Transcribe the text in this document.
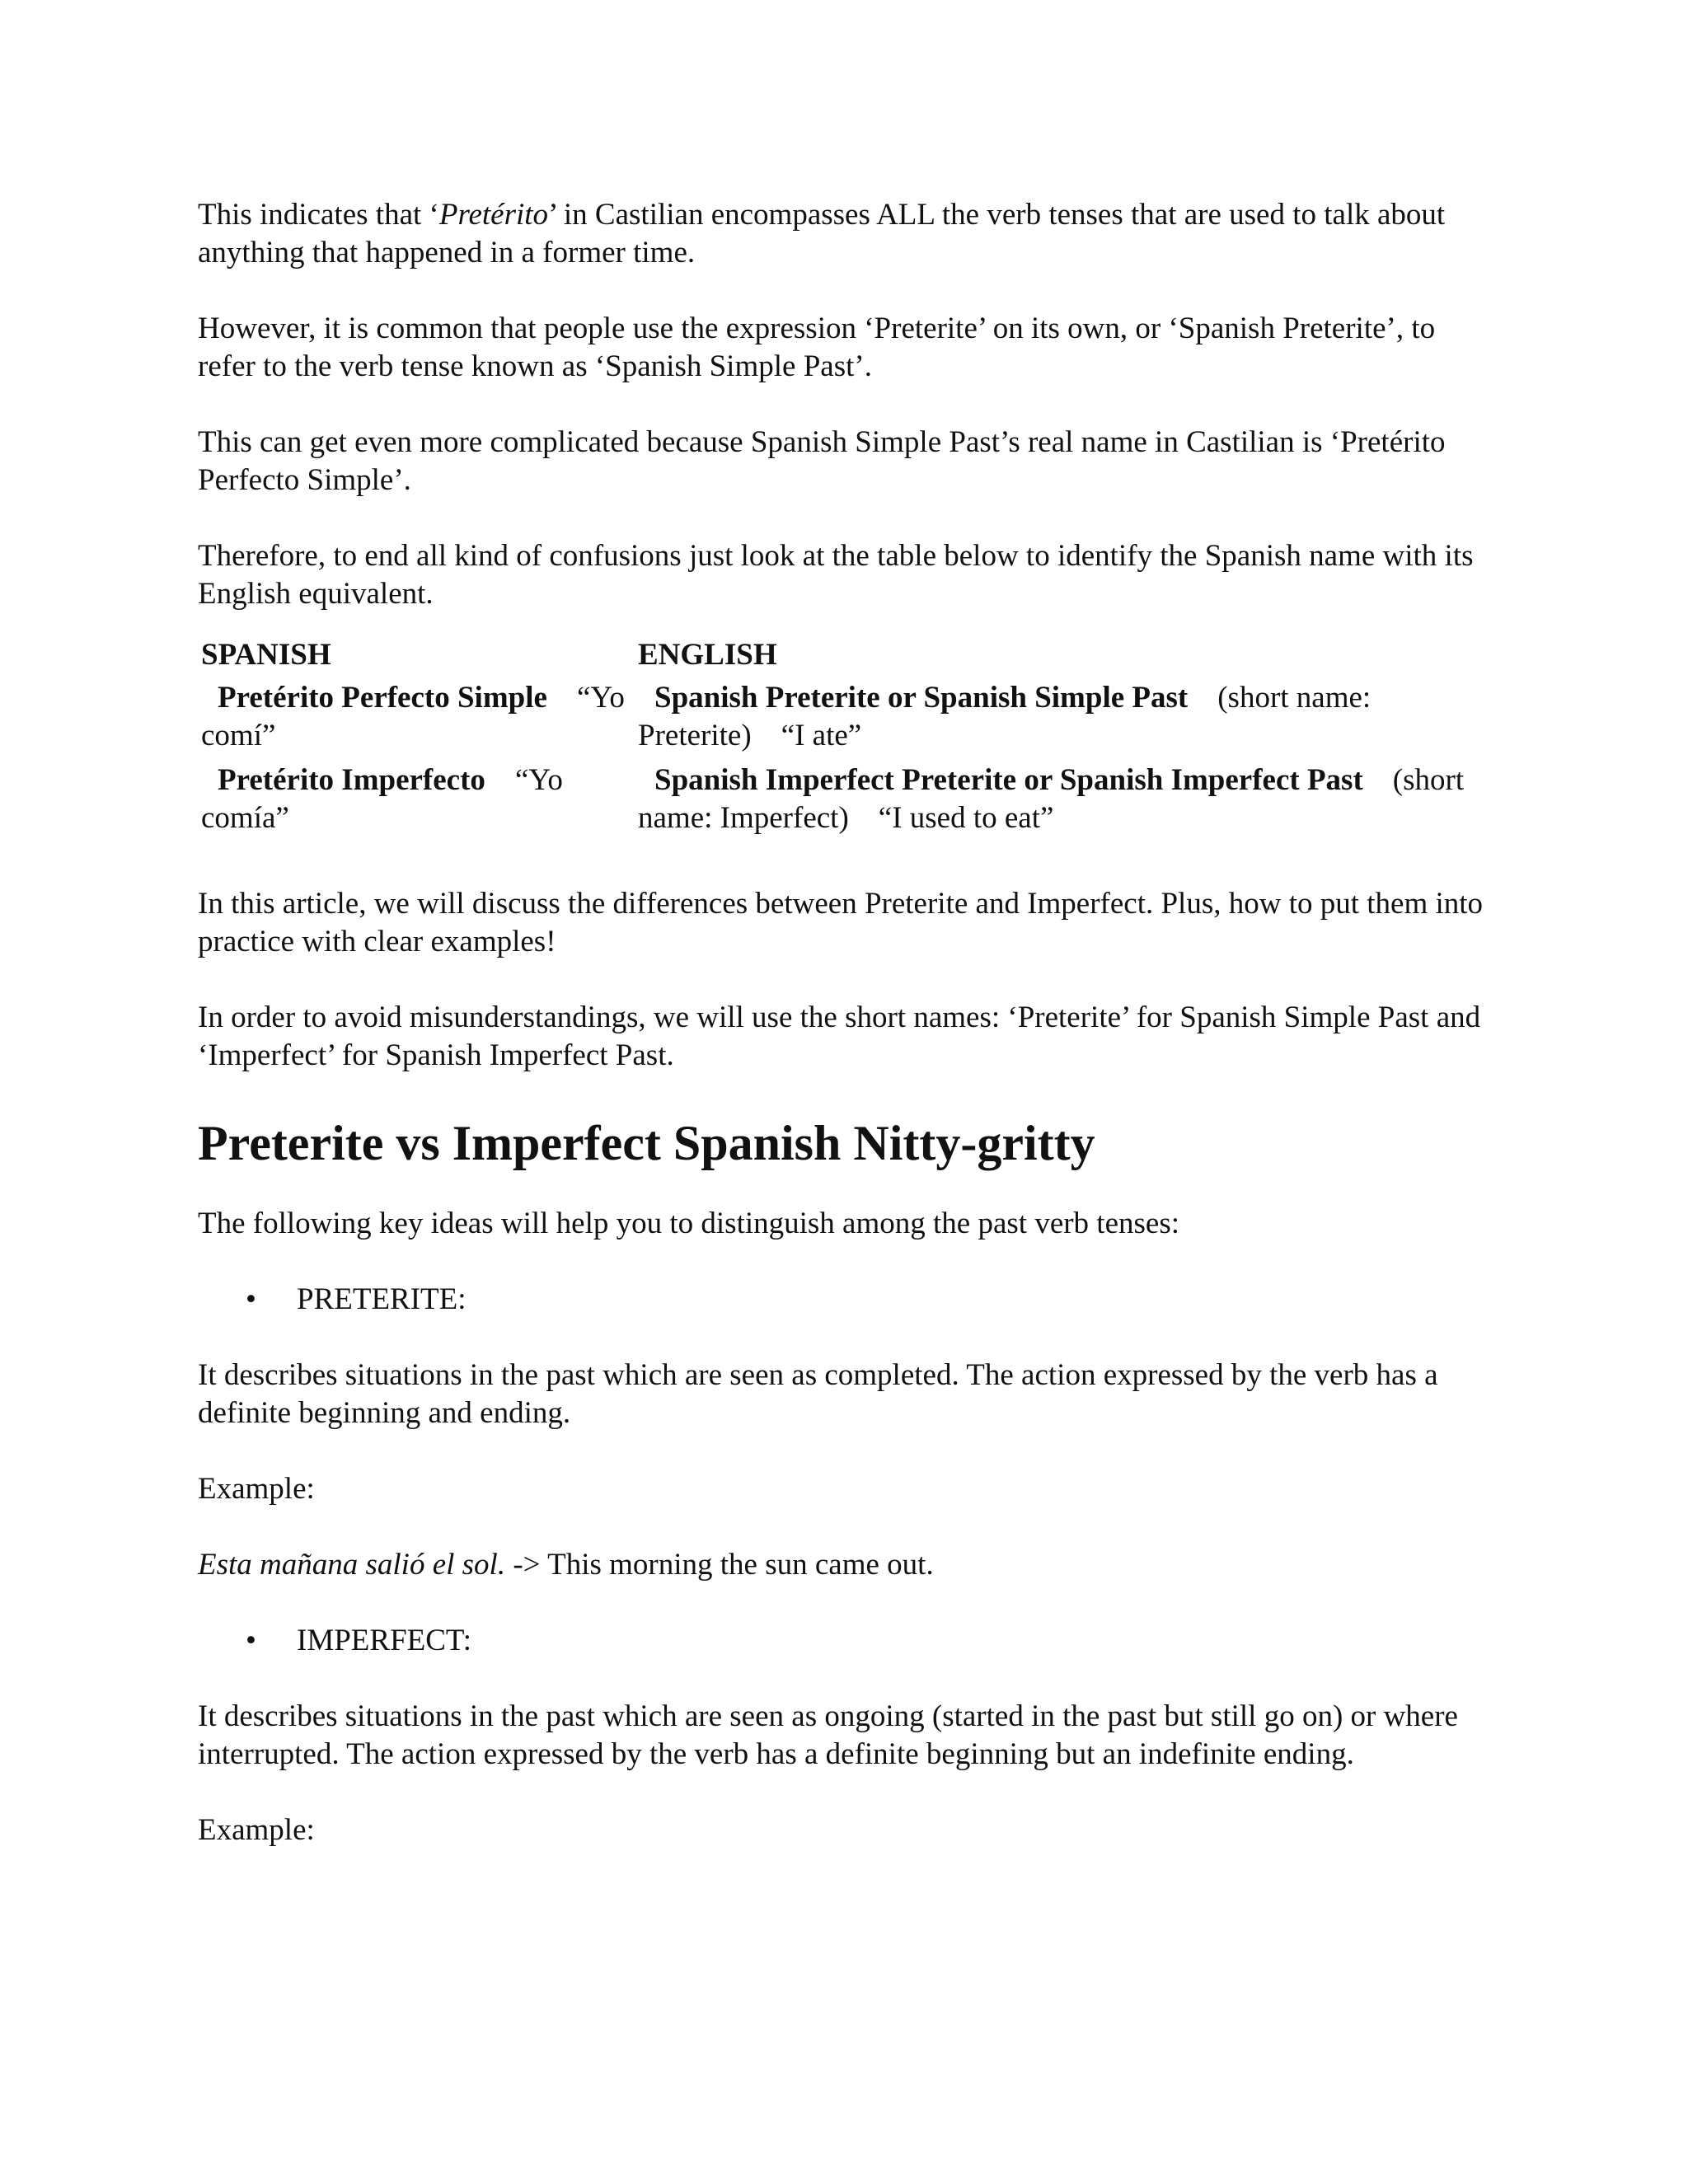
This indicates that ‘Pretérito’ in Castilian encompasses ALL the verb tenses that are used to talk about anything that happened in a former time.

However, it is common that people use the expression ‘Preterite’ on its own, or ‘Spanish Preterite’, to refer to the verb tense known as ‘Spanish Simple Past’.

This can get even more complicated because Spanish Simple Past’s real name in Castilian is ‘Pretérito Perfecto Simple’.

Therefore, to end all kind of confusions just look at the table below to identify the Spanish name with its English equivalent.

SPANISH	ENGLISH
Pretérito Perfecto Simple “Yo comí”	Spanish Preterite or Spanish Simple Past (short name: Preterite) “I ate”
Pretérito Imperfecto “Yo comía”	Spanish Imperfect Preterite or Spanish Imperfect Past (short name: Imperfect) “I used to eat”

In this article, we will discuss the differences between Preterite and Imperfect. Plus, how to put them into practice with clear examples!

In order to avoid misunderstandings, we will use the short names: ‘Preterite’ for Spanish Simple Past and ‘Imperfect’ for Spanish Imperfect Past.

Preterite vs Imperfect Spanish Nitty-gritty

The following key ideas will help you to distinguish among the past verb tenses:

• PRETERITE:

It describes situations in the past which are seen as completed. The action expressed by the verb has a definite beginning and ending.

Example:

Esta mañana salió el sol. -> This morning the sun came out.

• IMPERFECT:

It describes situations in the past which are seen as ongoing (started in the past but still go on) or where interrupted. The action expressed by the verb has a definite beginning but an indefinite ending.

Example:
